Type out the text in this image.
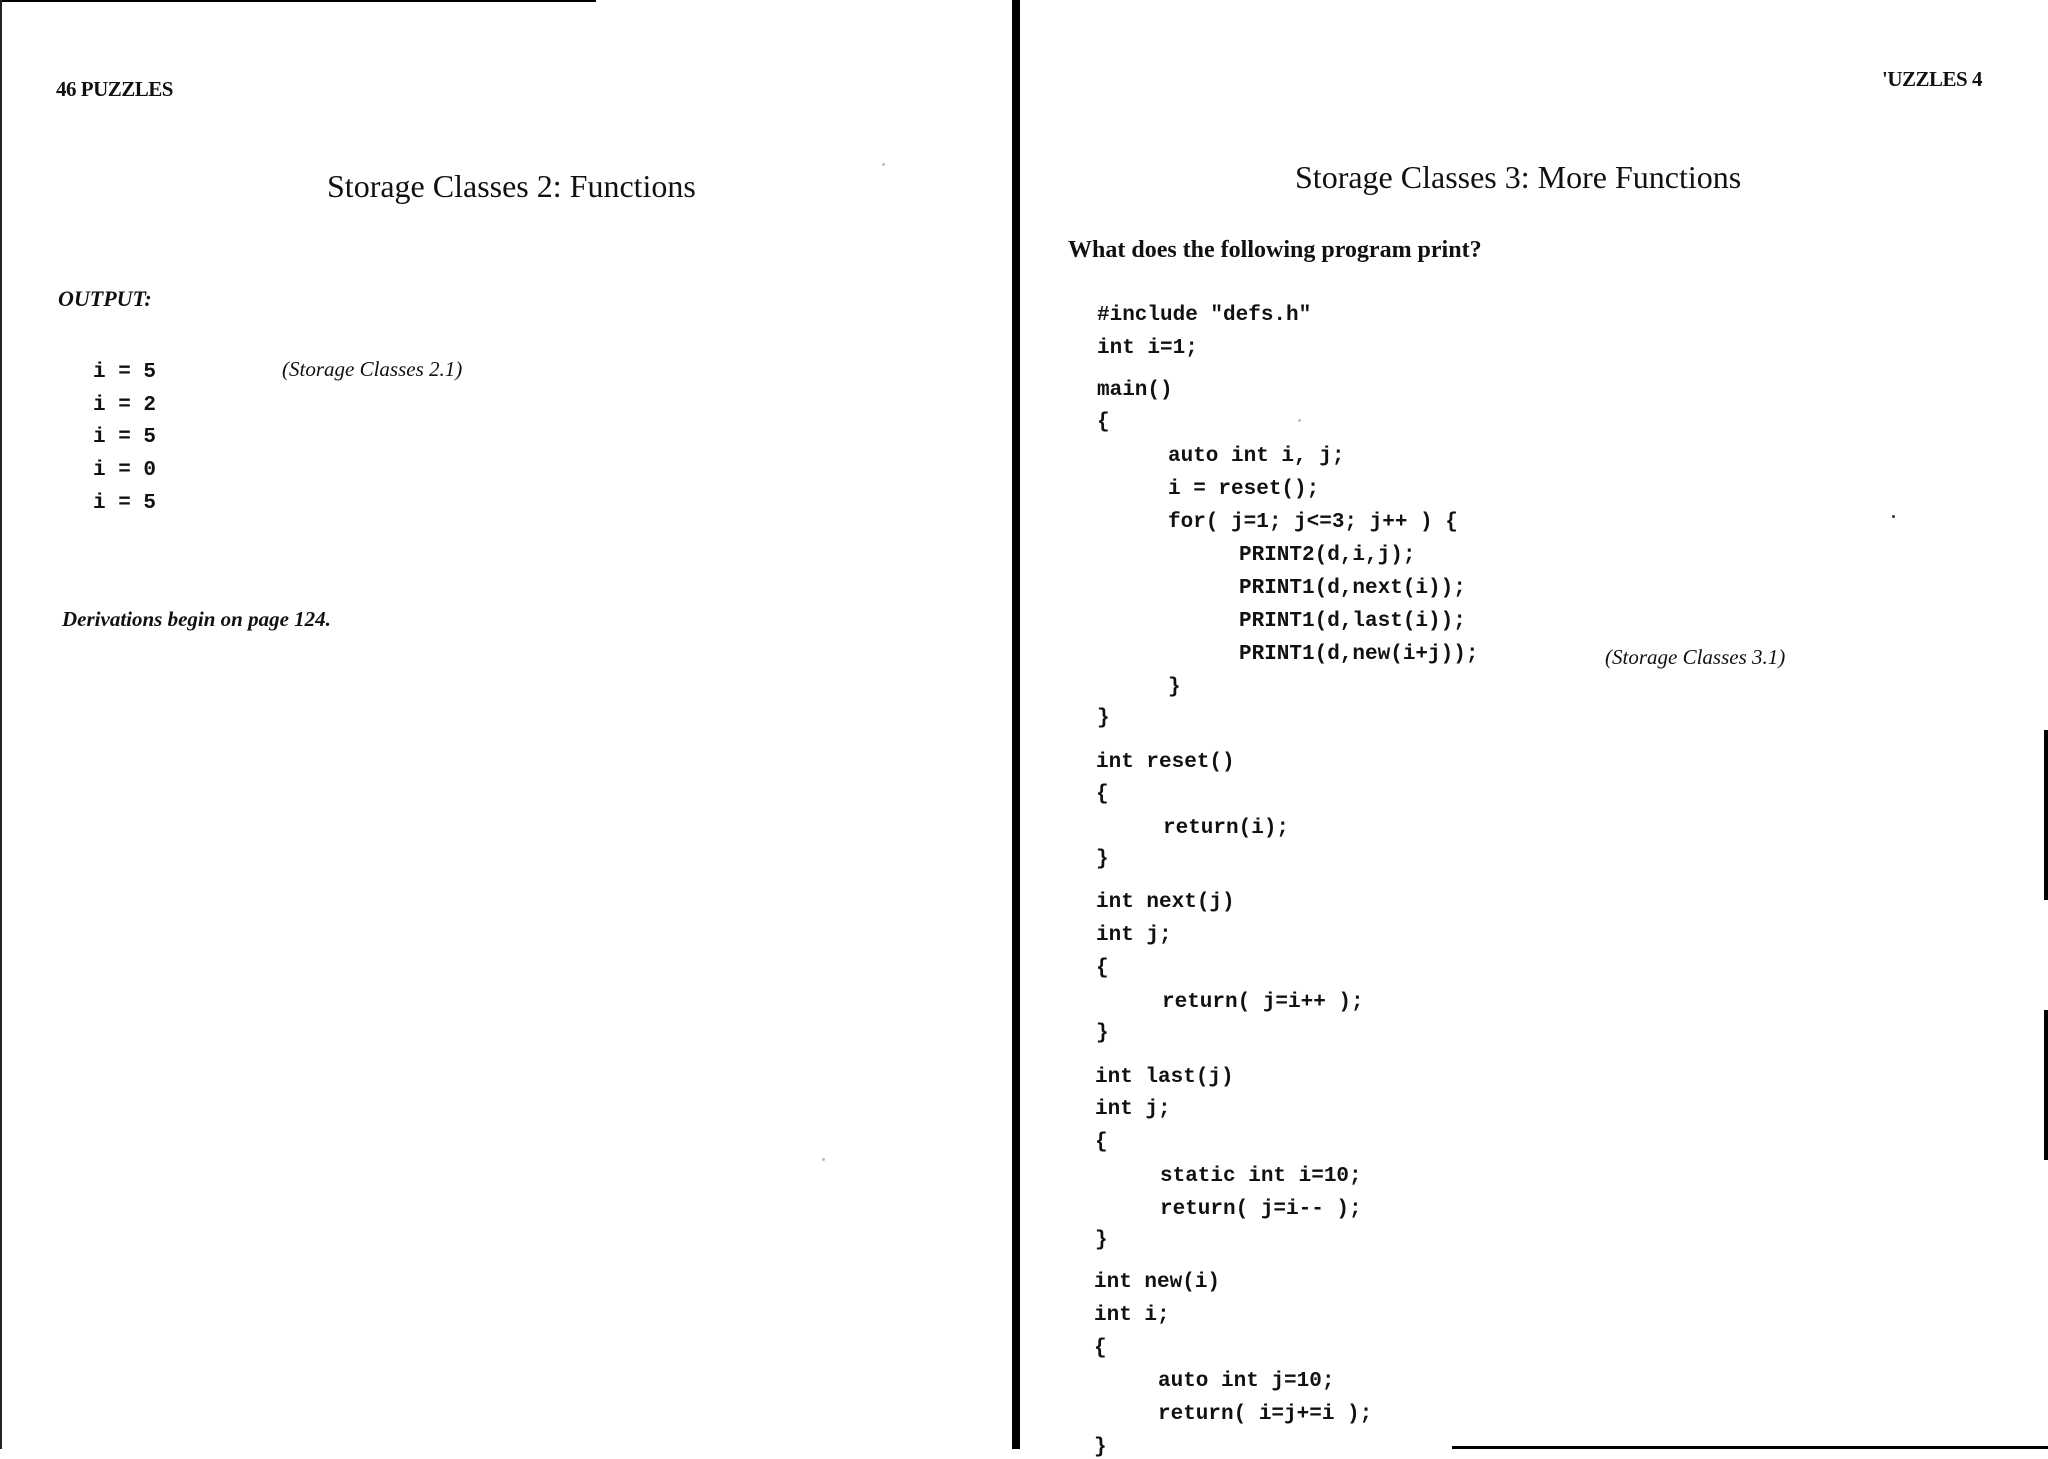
46 PUZZLES
Storage Classes 2: Functions
OUTPUT:
i = 5
i = 2
i = 5
i = 0
i = 5
(Storage Classes 2.1)
Derivations begin on page 124.
'UZZLES 4
Storage Classes 3: More Functions
What does the following program print?
#include "defs.h"
int i=1;
main()
{
auto int i, j;
i = reset();
for( j=1; j<=3; j++ ) {
PRINT2(d,i,j);
PRINT1(d,next(i));
PRINT1(d,last(i));
PRINT1(d,new(i+j));
}
}
int reset()
{
return(i);
}
int next(j)
int j;
{
return( j=i++ );
}
int last(j)
int j;
{
static int i=10;
return( j=i-- );
}
int new(i)
int i;
{
auto int j=10;
return( i=j+=i );
}
(Storage Classes 3.1)
